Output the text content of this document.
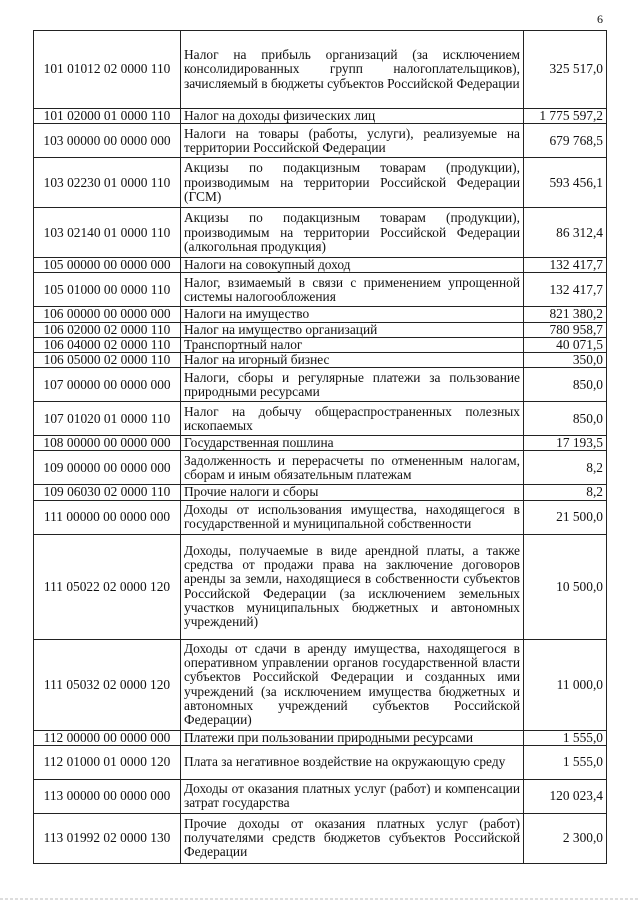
6
101 01012 02 0000 110	Налог на прибыль организаций (за исключением консолидированных групп налогоплательщиков), зачисляемый в бюджеты субъектов Российской Федерации	325 517,0
101 02000 01 0000 110	Налог на доходы физических лиц	1 775 597,2
103 00000 00 0000 000	Налоги на товары (работы, услуги), реализуемые на территории Российской Федерации	679 768,5
103 02230 01 0000 110	Акцизы по подакцизным товарам (продукции), производимым на территории Российской Федерации (ГСМ)	593 456,1
103 02140 01 0000 110	Акцизы по подакцизным товарам (продукции), производимым на территории Российской Федерации (алкогольная продукция)	86 312,4
105 00000 00 0000 000	Налоги на совокупный доход	132 417,7
105 01000 00 0000 110	Налог, взимаемый в связи с применением упрощенной системы налогообложения	132 417,7
106 00000 00 0000 000	Налоги на имущество	821 380,2
106 02000 02 0000 110	Налог на имущество организаций	780 958,7
106 04000 02 0000 110	Транспортный налог	40 071,5
106 05000 02 0000 110	Налог на игорный бизнес	350,0
107 00000 00 0000 000	Налоги, сборы и регулярные платежи за пользование природными ресурсами	850,0
107 01020 01 0000 110	Налог на добычу общераспространенных полезных ископаемых	850,0
108 00000 00 0000 000	Государственная пошлина	17 193,5
109 00000 00 0000 000	Задолженность и перерасчеты по отмененным налогам, сборам и иным обязательным платежам	8,2
109 06030 02 0000 110	Прочие налоги и сборы	8,2
111 00000 00 0000 000	Доходы от использования имущества, находящегося в государственной и муниципальной собственности	21 500,0
111 05022 02 0000 120	Доходы, получаемые в виде арендной платы, а также средства от продажи права на заключение договоров аренды за земли, находящиеся в собственности субъектов Российской Федерации (за исключением земельных участков муниципальных бюджетных и автономных учреждений)	10 500,0
111 05032 02 0000 120	Доходы от сдачи в аренду имущества, находящегося в оперативном управлении органов государственной власти субъектов Российской Федерации и созданных ими учреждений (за исключением имущества бюджетных и автономных учреждений субъектов Российской Федерации)	11 000,0
112 00000 00 0000 000	Платежи при пользовании природными ресурсами	1 555,0
112 01000 01 0000 120	Плата за негативное воздействие на окружающую среду	1 555,0
113 00000 00 0000 000	Доходы от оказания платных услуг (работ) и компенсации затрат государства	120 023,4
113 01992 02 0000 130	Прочие доходы от оказания платных услуг (работ) получателями средств бюджетов субъектов Российской Федерации	2 300,0
